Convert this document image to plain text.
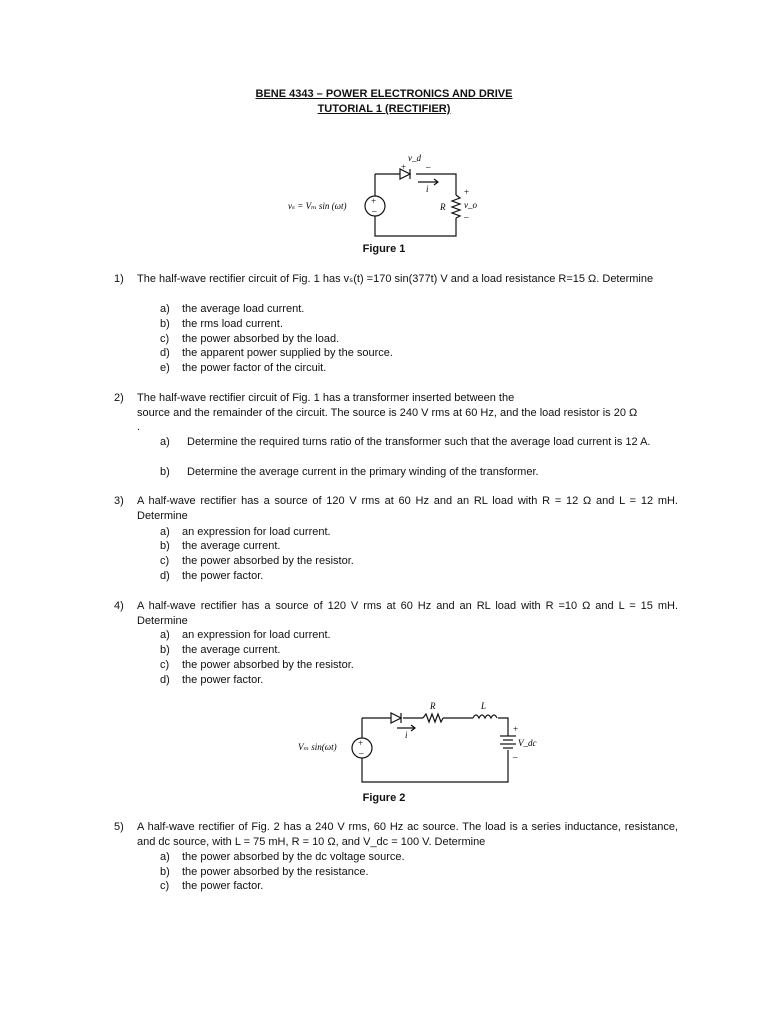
BENE 4343 – POWER ELECTRONICS AND DRIVE
TUTORIAL 1 (RECTIFIER)
+
–
v_d
+ –
i
R
+
v_o
–
vₛ = Vₘ sin (ωt)
Figure 1
1)	The half-wave rectifier circuit of Fig. 1 has vₛ(t) =170 sin(377t) V and a load resistance R=15 Ω. Determine
a) the average load current.
b) the rms load current.
c) the power absorbed by the load.
d) the apparent power supplied by the source.
e) the power factor of the circuit.
2)	The half-wave rectifier circuit of Fig. 1 has a transformer inserted between the
source and the remainder of the circuit. The source is 240 V rms at 60 Hz, and the load resistor is 20 Ω
.
a)	Determine the required turns ratio of the transformer such that the average load current is 12 A.
b) Determine the average current in the primary winding of the transformer.
3)	A half-wave rectifier has a source of 120 V rms at 60 Hz and an RL load with R = 12 Ω and L = 12 mH. Determine
a) an expression for load current.
b) the average current.
c) the power absorbed by the resistor.
d) the power factor.
4)	A half-wave rectifier has a source of 120 V rms at 60 Hz and an RL load with R =10 Ω and L = 15 mH. Determine
a) an expression for load current.
b) the average current.
c) the power absorbed by the resistor.
d) the power factor.
+
–
R	L
i
+
V_dc
–
Vₘ sin(ωt)
Figure 2
5)	A half-wave rectifier of Fig. 2 has a 240 V rms, 60 Hz ac source. The load is a series inductance, resistance, and dc source, with L = 75 mH, R = 10 Ω, and V_dc = 100 V. Determine
a) the power absorbed by the dc voltage source.
b) the power absorbed by the resistance.
c) the power factor.
